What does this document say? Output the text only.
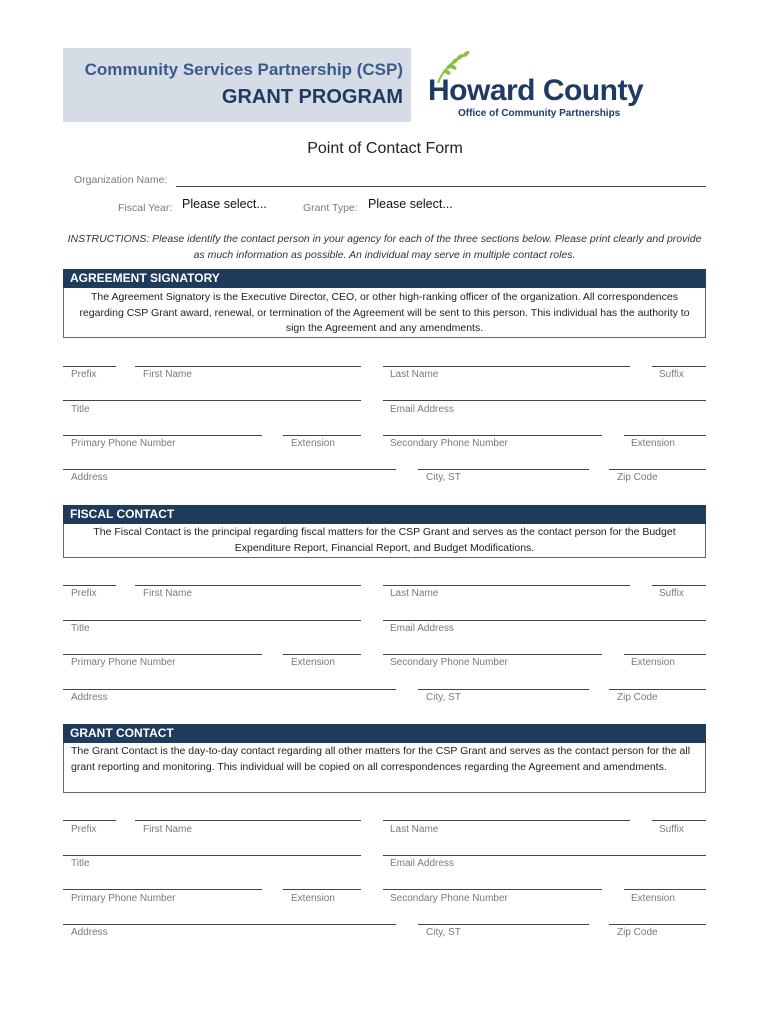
Community Services Partnership (CSP)
GRANT PROGRAM Howard County
Office of Community Partnerships
Point of Contact Form
Organization Name:
Fiscal Year: Please select...	Grant Type: Please select...
INSTRUCTIONS: Please identify the contact person in your agency for each of the three sections below. Please print clearly and provide as much information as possible. An individual may serve in multiple contact roles.
AGREEMENT SIGNATORY
The Agreement Signatory is the Executive Director, CEO, or other high-ranking officer of the organization. All correspondences regarding CSP Grant award, renewal, or termination of the Agreement will be sent to this person. This individual has the authority to sign the Agreement and any amendments.
Prefix	First Name	Last Name	Suffix
Title	Email Address
Primary Phone Number	Extension	Secondary Phone Number	Extension
Address	City, ST	Zip Code
FISCAL CONTACT
The Fiscal Contact is the principal regarding fiscal matters for the CSP Grant and serves as the contact person for the Budget Expenditure Report, Financial Report, and Budget Modifications.
Prefix	First Name	Last Name	Suffix
Title	Email Address
Primary Phone Number	Extension	Secondary Phone Number	Extension
Address	City, ST	Zip Code
GRANT CONTACT
The Grant Contact is the day-to-day contact regarding all other matters for the CSP Grant and serves as the contact person for the all grant reporting and monitoring. This individual will be copied on all correspondences regarding the Agreement and amendments.
Prefix	First Name	Last Name	Suffix
Title	Email Address
Primary Phone Number	Extension	Secondary Phone Number	Extension
Address	City, ST	Zip Code
